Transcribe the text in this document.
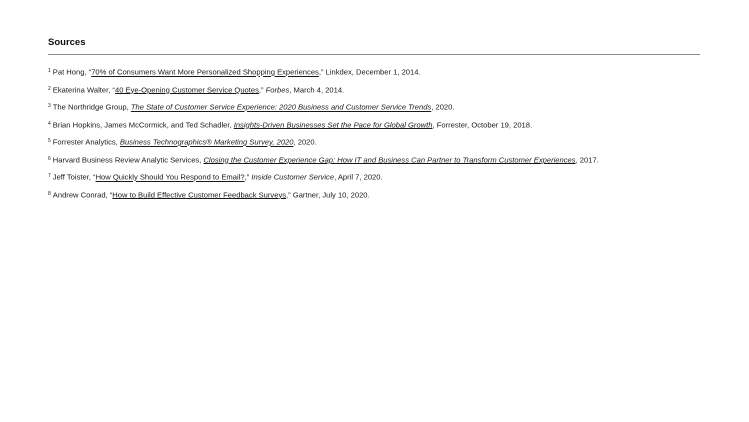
Sources
$^1$ Pat Hong, “70% of Consumers Want More Personalized Shopping Experiences,” Linkdex, December 1, 2014.
$^2$ Ekaterina Walter, “40 Eye-Opening Customer Service Quotes,” Forbes, March 4, 2014.
$^3$ The Northridge Group, The State of Customer Service Experience: 2020 Business and Customer Service Trends, 2020.
$^4$ Brian Hopkins, James McCormick, and Ted Schadler, Insights-Driven Businesses Set the Pace for Global Growth, Forrester, October 19, 2018.
$^5$ Forrester Analytics, Business Technographics® Marketing Survey, 2020, 2020.
$^6$ Harvard Business Review Analytic Services, Closing the Customer Experience Gap: How IT and Business Can Partner to Transform Customer Experiences, 2017.
$^7$ Jeff Toister, “How Quickly Should You Respond to Email?,” Inside Customer Service, April 7, 2020.
$^8$ Andrew Conrad, “How to Build Effective Customer Feedback Surveys,” Gartner, July 10, 2020.
